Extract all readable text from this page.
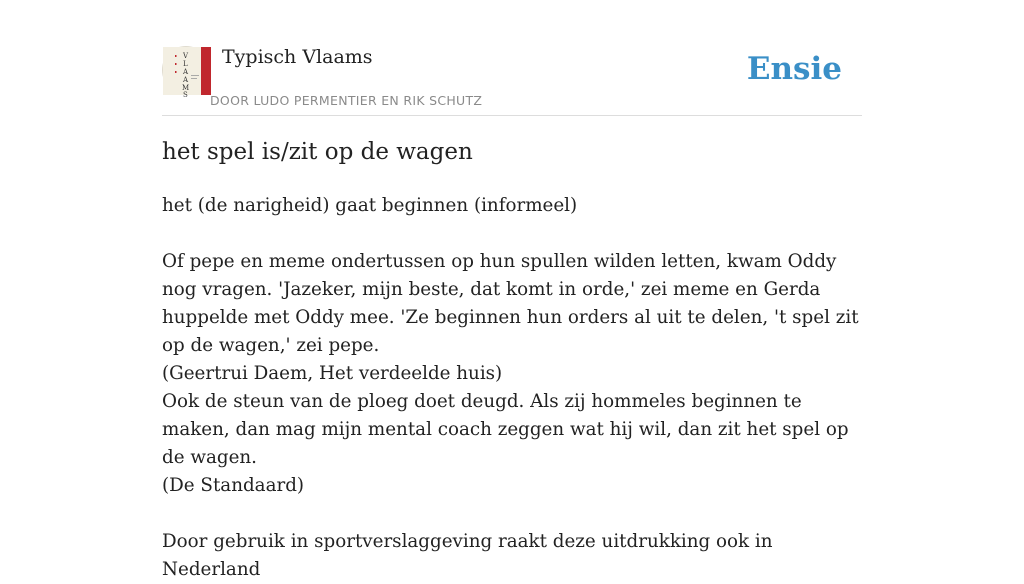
V
L
A
A
M
S
Typisch Vlaams
DOOR LUDO PERMENTIER EN RIK SCHUTZ
Ensie
het spel is/zit op de wagen

het (de narigheid) gaat beginnen (informeel)

Of pepe en meme ondertussen op hun spullen wilden letten, kwam Oddy nog vragen. 'Jazeker, mijn beste, dat komt in orde,' zei meme en Gerda huppelde met Oddy mee. 'Ze beginnen hun orders al uit te delen, 't spel zit op de wagen,' zei pepe.

(Geertrui Daem, Het verdeelde huis)

Ook de steun van de ploeg doet deugd. Als zij hommeles beginnen te maken, dan mag mijn mental coach zeggen wat hij wil, dan zit het spel op de wagen.

(De Standaard)

Door gebruik in sportverslaggeving raakt deze uitdrukking ook in Nederland
